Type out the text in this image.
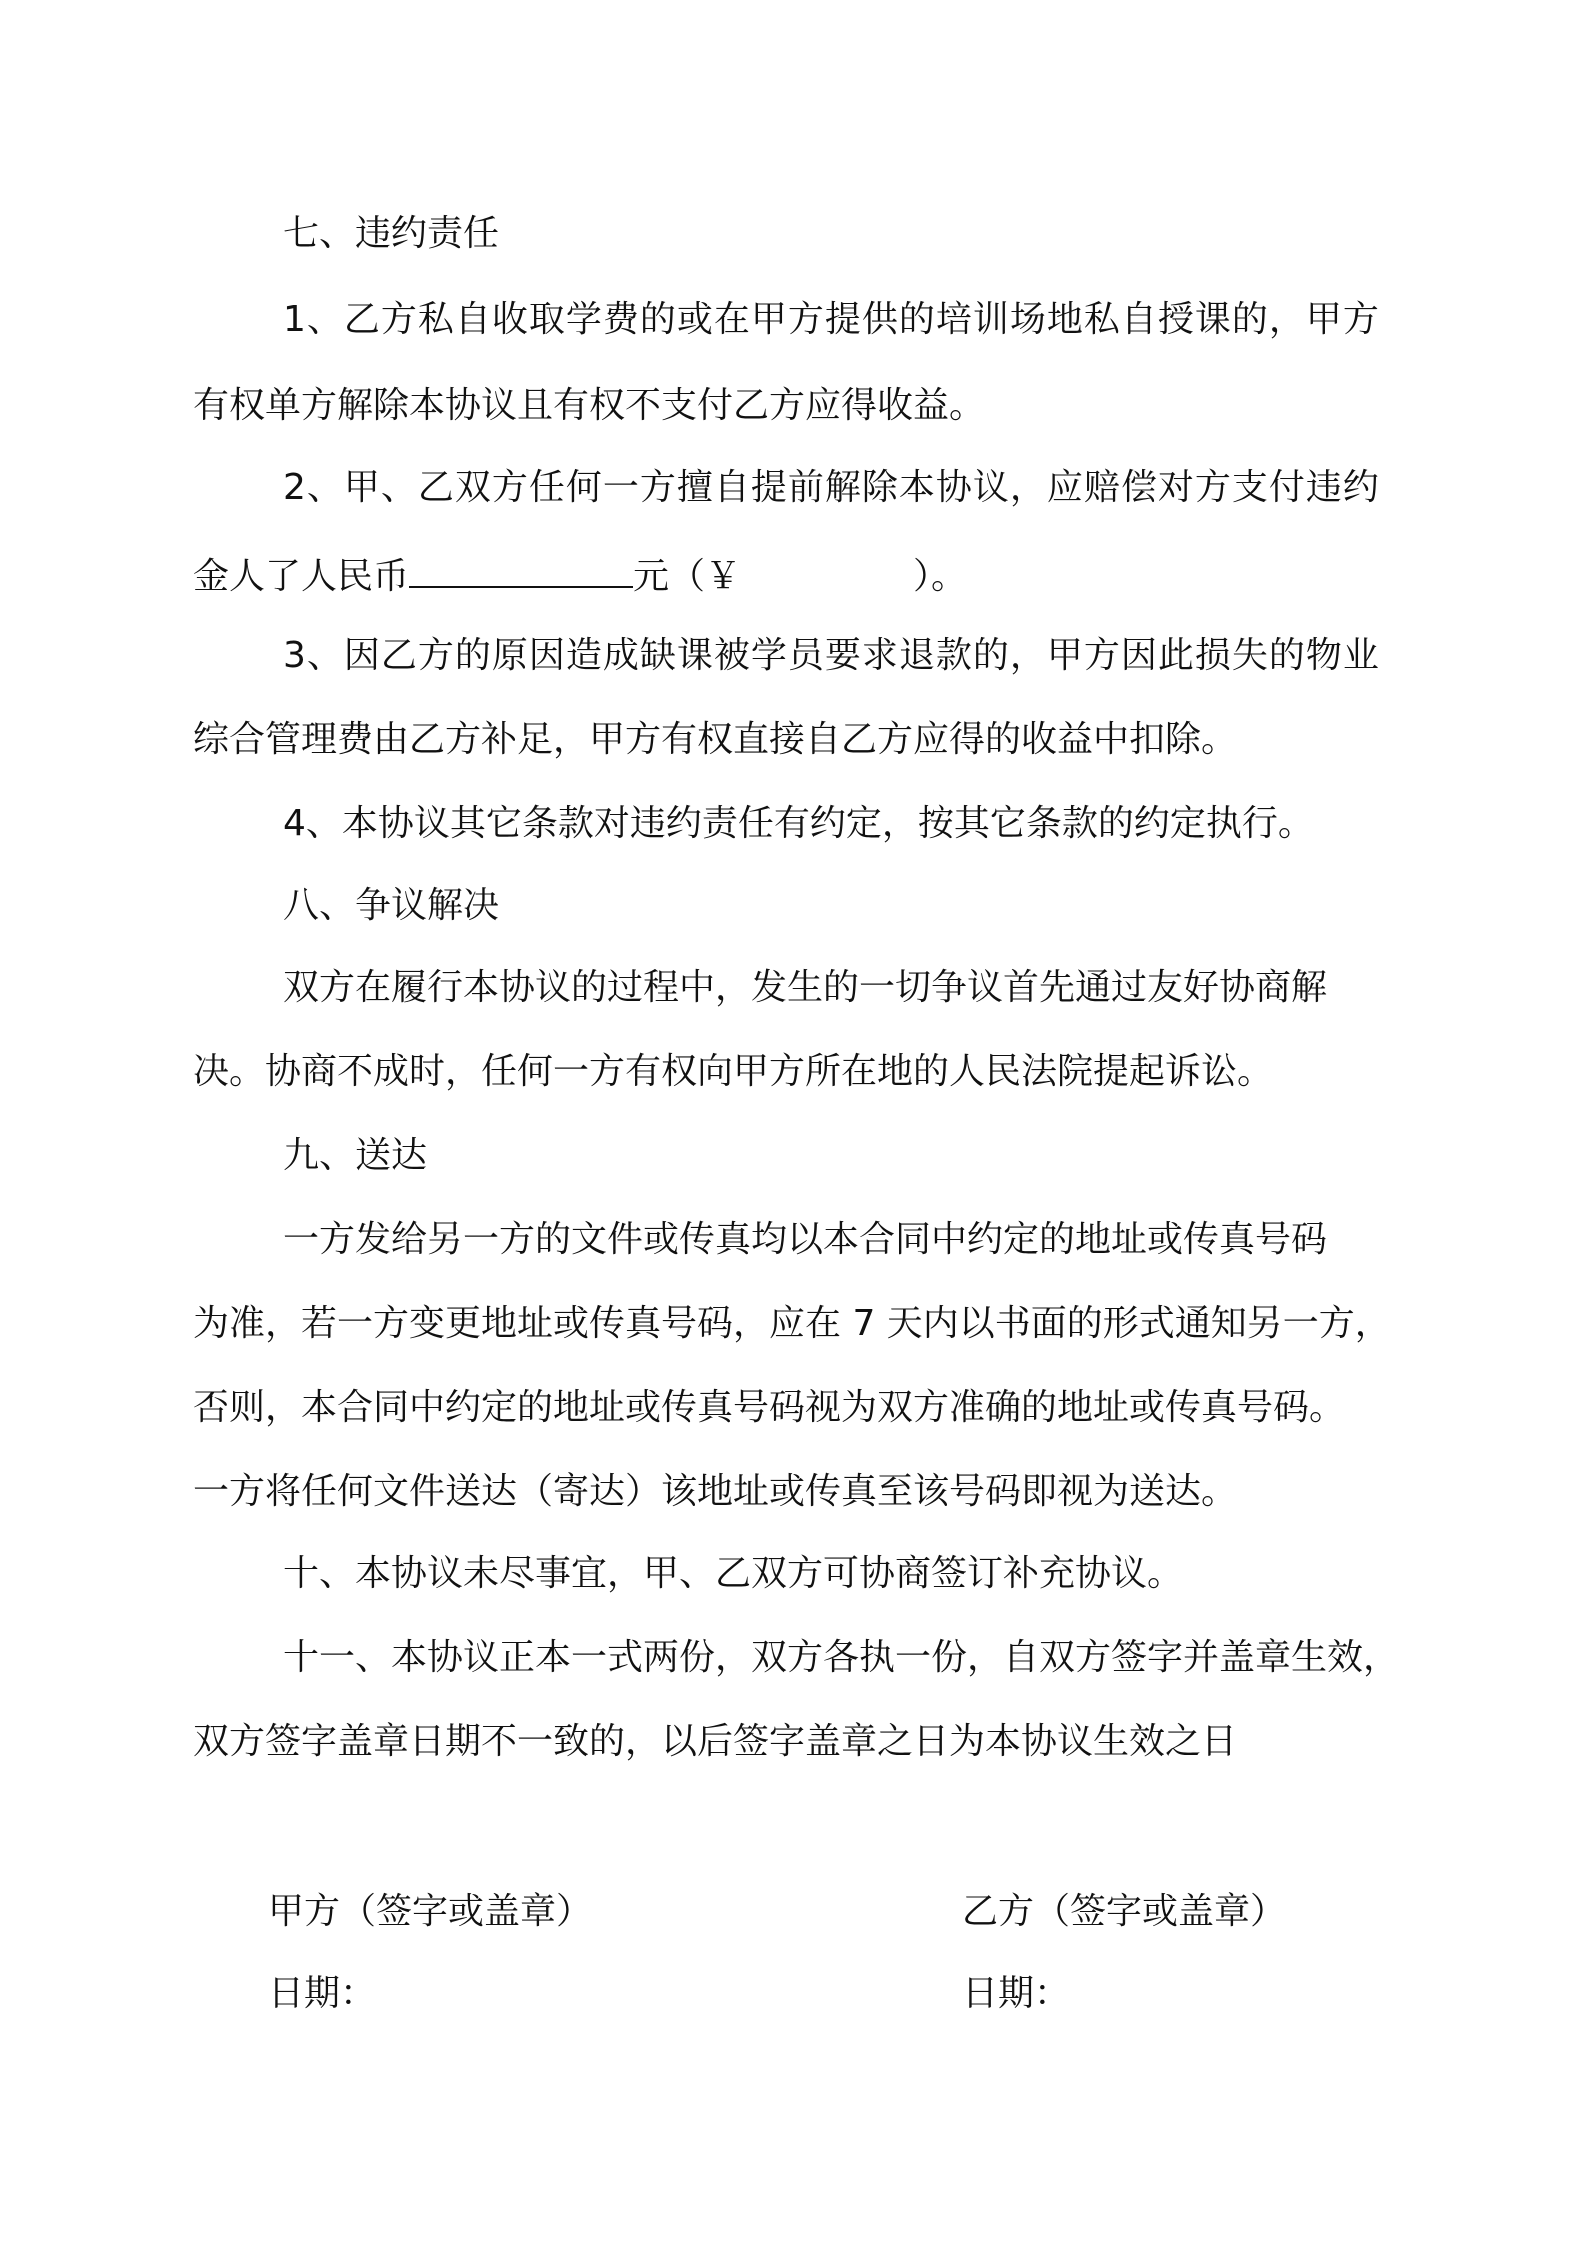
七、违约责任
1、乙方私自收取学费的或在甲方提供的培训场地私自授课的，甲方
有权单方解除本协议且有权不支付乙方应得收益。
2、甲、乙双方任何一方擅自提前解除本协议，应赔偿对方支付违约
金人了人民币	元（￥	）。
3、因乙方的原因造成缺课被学员要求退款的，甲方因此损失的物业
综合管理费由乙方补足，甲方有权直接自乙方应得的收益中扣除。
4、本协议其它条款对违约责任有约定，按其它条款的约定执行。
八、争议解决
双方在履行本协议的过程中，发生的一切争议首先通过友好协商解
决。协商不成时，任何一方有权向甲方所在地的人民法院提起诉讼。
九、送达
一方发给另一方的文件或传真均以本合同中约定的地址或传真号码
为准，若一方变更地址或传真号码，应在 7 天内以书面的形式通知另一方，
否则，本合同中约定的地址或传真号码视为双方准确的地址或传真号码。
一方将任何文件送达（寄达）该地址或传真至该号码即视为送达。
十、本协议未尽事宜，甲、乙双方可协商签订补充协议。
十一、本协议正本一式两份，双方各执一份，自双方签字并盖章生效，
双方签字盖章日期不一致的，以后签字盖章之日为本协议生效之日
甲方（签字或盖章）	乙方（签字或盖章）
日期：	日期：
